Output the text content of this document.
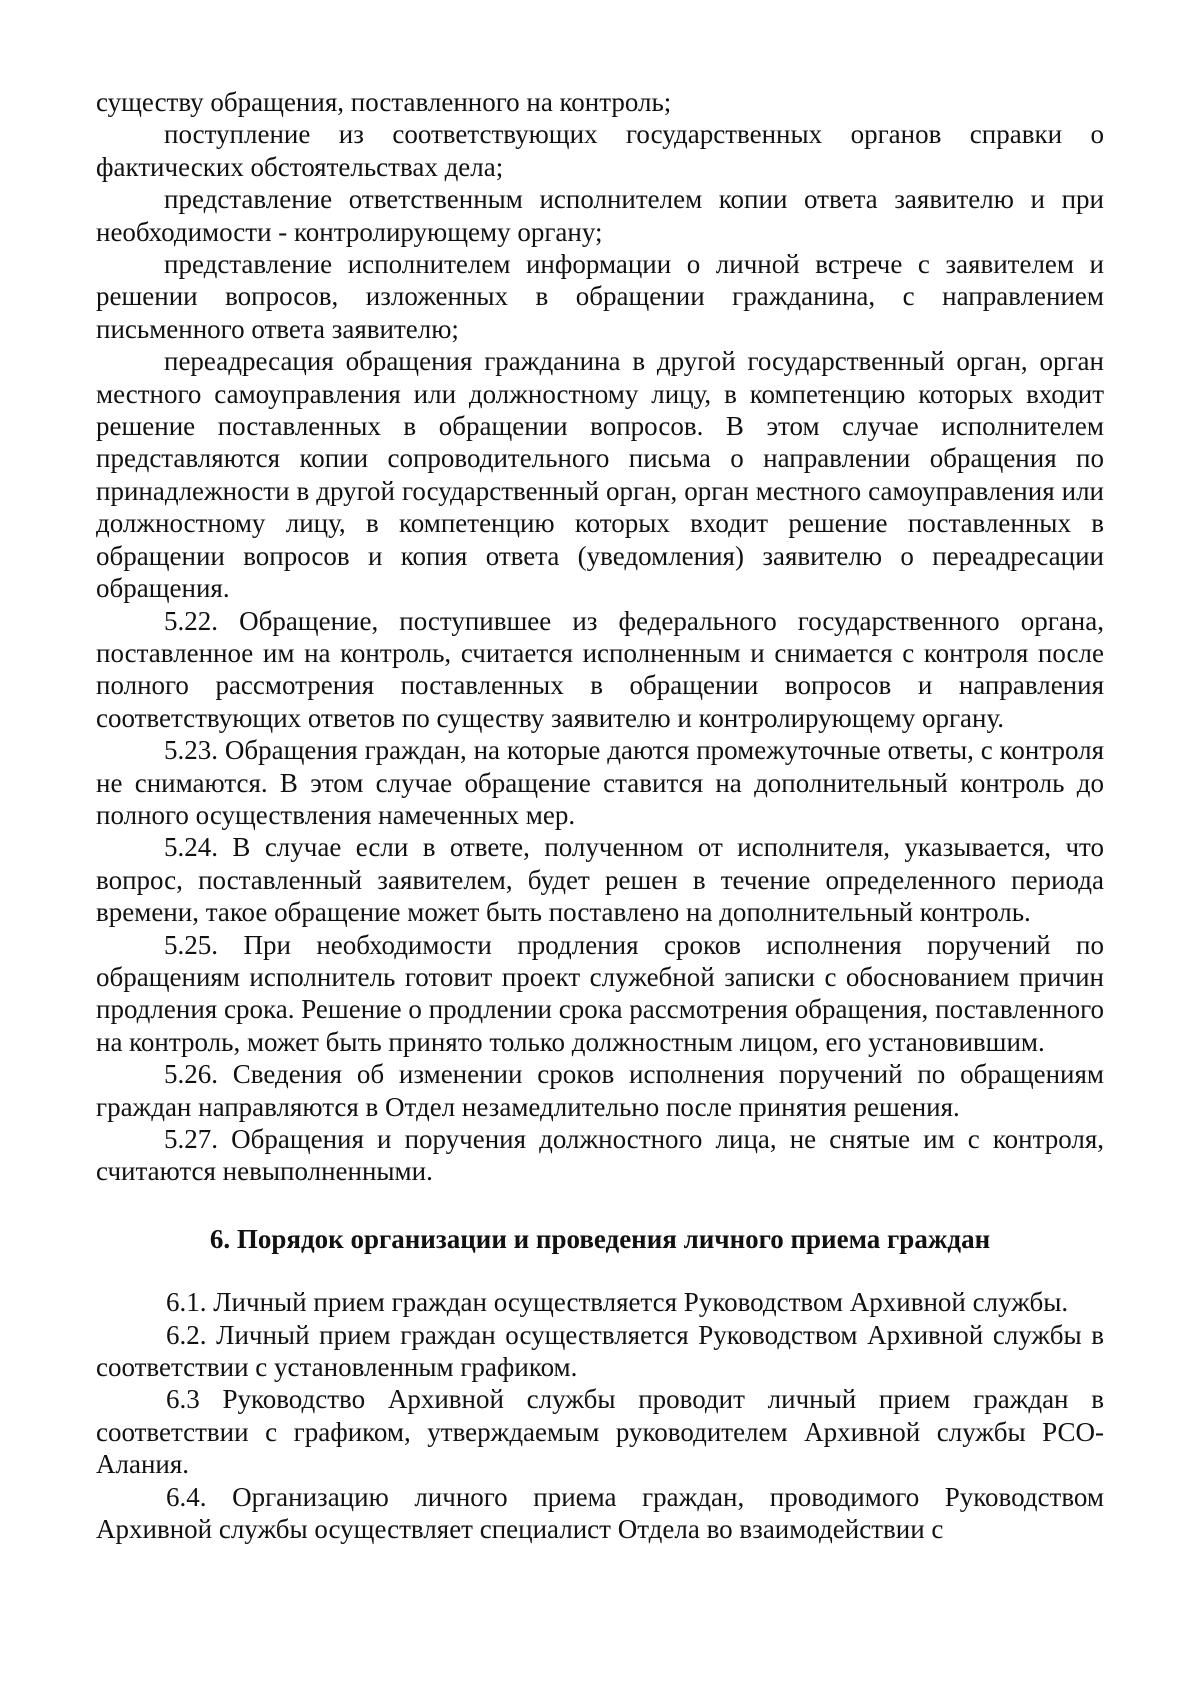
существу обращения, поставленного на контроль;

поступление из соответствующих государственных органов справки о фактических обстоятельствах дела;

представление ответственным исполнителем копии ответа заявителю и при необходимости - контролирующему органу;

представление исполнителем информации о личной встрече с заявителем и решении вопросов, изложенных в обращении гражданина, с направлением письменного ответа заявителю;

переадресация обращения гражданина в другой государственный орган, орган местного самоуправления или должностному лицу, в компетенцию которых входит решение поставленных в обращении вопросов. В этом случае исполнителем представляются копии сопроводительного письма о направлении обращения по принадлежности в другой государственный орган, орган местного самоуправления или должностному лицу, в компетенцию которых входит решение поставленных в обращении вопросов и копия ответа (уведомления) заявителю о переадресации обращения.

5.22. Обращение, поступившее из федерального государственного органа, поставленное им на контроль, считается исполненным и снимается с контроля после полного рассмотрения поставленных в обращении вопросов и направления соответствующих ответов по существу заявителю и контролирующему органу.

5.23. Обращения граждан, на которые даются промежуточные ответы, с контроля не снимаются. В этом случае обращение ставится на дополнительный контроль до полного осуществления намеченных мер.

5.24. В случае если в ответе, полученном от исполнителя, указывается, что вопрос, поставленный заявителем, будет решен в течение определенного периода времени, такое обращение может быть поставлено на дополнительный контроль.

5.25. При необходимости продления сроков исполнения поручений по обращениям исполнитель готовит проект служебной записки с обоснованием причин продления срока. Решение о продлении срока рассмотрения обращения, поставленного на контроль, может быть принято только должностным лицом, его установившим.

5.26. Сведения об изменении сроков исполнения поручений по обращениям граждан направляются в Отдел незамедлительно после принятия решения.

5.27. Обращения и поручения должностного лица, не снятые им с контроля, считаются невыполненными.

6. Порядок организации и проведения личного приема граждан

6.1. Личный прием граждан осуществляется Руководством Архивной службы.

6.2. Личный прием граждан осуществляется Руководством Архивной службы в соответствии с установленным графиком.

6.3 Руководство Архивной службы проводит личный прием граждан в соответствии с графиком, утверждаемым руководителем Архивной службы РСО-Алания.

6.4. Организацию личного приема граждан, проводимого Руководством Архивной службы осуществляет специалист Отдела во взаимодействии с
